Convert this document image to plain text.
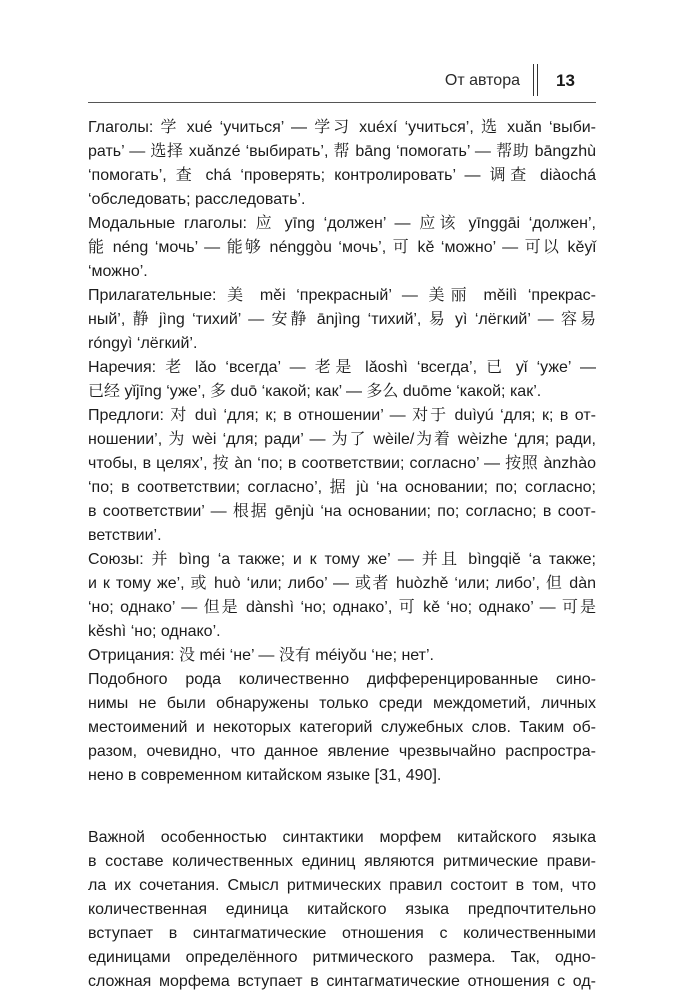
От автора 13

Глаголы: 学 xué ‘учиться’ — 学习 xuéxí ‘учиться’, 选 xuǎn ‘выби-
рать’ — 选择 xuǎnzé ‘выбирать’, 帮 bāng ‘помогать’ — 帮助 bāngzhù
‘помогать’, 查 chá ‘проверять; контролировать’ — 调查 diàochá
‘обследовать; расследовать’.

Модальные глаголы: 应 yīng ‘должен’ — 应该 yīnggāi ‘должен’,
能 néng ‘мочь’ — 能够 nénggòu ‘мочь’, 可 kě ‘можно’ — 可以 kěyǐ
‘можно’.

Прилагательные: 美 měi ‘прекрасный’ — 美丽 měilì ‘прекрас-
ный’, 静 jìng ‘тихий’ — 安静 ānjìng ‘тихий’, 易 yì ‘лёгкий’ — 容易
róngyì ‘лёгкий’.

Наречия: 老 lǎo ‘всегда’ — 老是 lǎoshì ‘всегда’, 已 yǐ ‘уже’ —
已经 yǐjīng ‘уже’, 多 duō ‘какой; как’ — 多么 duōme ‘какой; как’.

Предлоги: 对 duì ‘для; к; в отношении’ — 对于 duìyú ‘для; к; в от-
ношении’, 为 wèi ‘для; ради’ — 为了 wèile/为着 wèizhe ‘для; ради,
чтобы, в целях’, 按 àn ‘по; в соответствии; согласно’ — 按照 ànzhào
‘по; в соответствии; согласно’, 据 jù ‘на основании; по; согласно;
в соответствии’ — 根据 gēnjù ‘на основании; по; согласно; в соот-
ветствии’.

Союзы: 并 bìng ‘а также; и к тому же’ — 并且 bìngqiě ‘а также;
и к тому же’, 或 huò ‘или; либо’ — 或者 huòzhě ‘или; либо’, 但 dàn
‘но; однако’ — 但是 dànshì ‘но; однако’, 可 kě ‘но; однако’ — 可是
kěshì ‘но; однако’.

Отрицания: 没 méi ‘не’ — 没有 méiyǒu ‘не; нет’.

Подобного рода количественно дифференцированные сино-
нимы не были обнаружены только среди междометий, личных
местоимений и некоторых категорий служебных слов. Таким об-
разом, очевидно, что данное явление чрезвычайно распростра-
нено в современном китайском языке [31, 490].

Важной особенностью синтактики морфем китайского языка
в составе количественных единиц являются ритмические прави-
ла их сочетания. Смысл ритмических правил состоит в том, что
количественная единица китайского языка предпочтительно
вступает в синтагматические отношения с количественными
единицами определённого ритмического размера. Так, одно-
сложная морфема вступает в синтагматические отношения с од-
